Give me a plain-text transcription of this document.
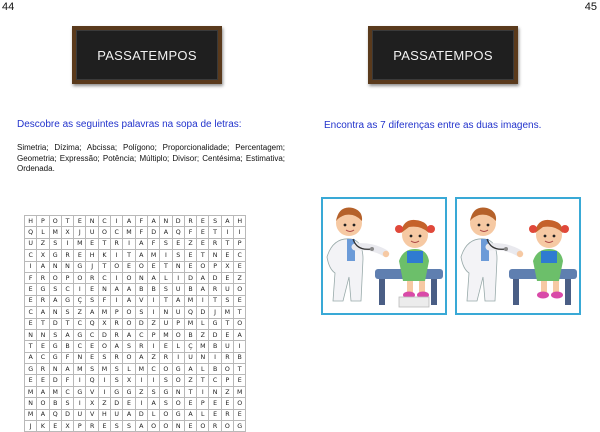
44	45
PASSATEMPOS	PASSATEMPOS
Descobre as seguintes palavras na sopa de letras:
Simetria; Dízima; Abcissa; Polígono; Proporcionalidade; Percentagem; Geometria; Expressão; Potência; Múltiplo; Divisor; Centésima; Estimativa; Ordenada.
H	P	O	T	E	N	C	I	A	F	A	N	D	R	E	S	A	H
Q	L	M	X	J	U	O	C	M	F	D	A	Q	F	E	T	I	I
U	Z	S	I	M	E	T	R	I	A	F	S	E	Z	E	R	T	P
C	X	G	R	E	H	K	I	T	A	M	I	S	E	T	N	E	C
I	A	N	N	G	J	T	O	E	O	E	T	N	E	O	P	X	E
F	R	O	P	O	R	C	I	O	N	A	L	I	D	A	D	E	Z
E	G	S	C	I	E	N	A	A	B	B	S	U	B	A	R	U	O
E	R	A	G	Ç	S	F	I	A	V	I	T	A	M	I	T	S	E
C	A	N	S	Z	A	M	P	O	S	I	N	U	Q	D	J	M	T
E	T	D	T	C	Q	X	R	O	D	Z	U	P	M	L	G	T	O
N	N	S	A	G	C	D	R	A	C	P	M	O	B	Z	D	E	A
T	E	G	B	C	E	O	A	S	R	I	E	L	Ç	M	B	U	I
A	C	G	F	N	E	S	R	O	A	Z	R	I	U	N	I	R	B
G	R	N	A	M	S	M	S	L	M	C	O	G	A	L	B	O	T
E	E	D	F	I	Q	I	S	X	I	I	S	O	Z	T	C	P	E
M	A	M	C	G	V	I	G	G	Z	S	G	N	T	I	N	Z	M
N	O	B	S	I	X	Z	D	E	I	A	S	O	E	P	E	E	O
M	A	Q	D	U	V	H	U	A	D	L	O	G	A	L	E	R	E
J	K	E	X	P	R	E	S	S	A	O	O	N	E	O	R	O	G
Encontra as 7 diferenças entre as duas imagens.
